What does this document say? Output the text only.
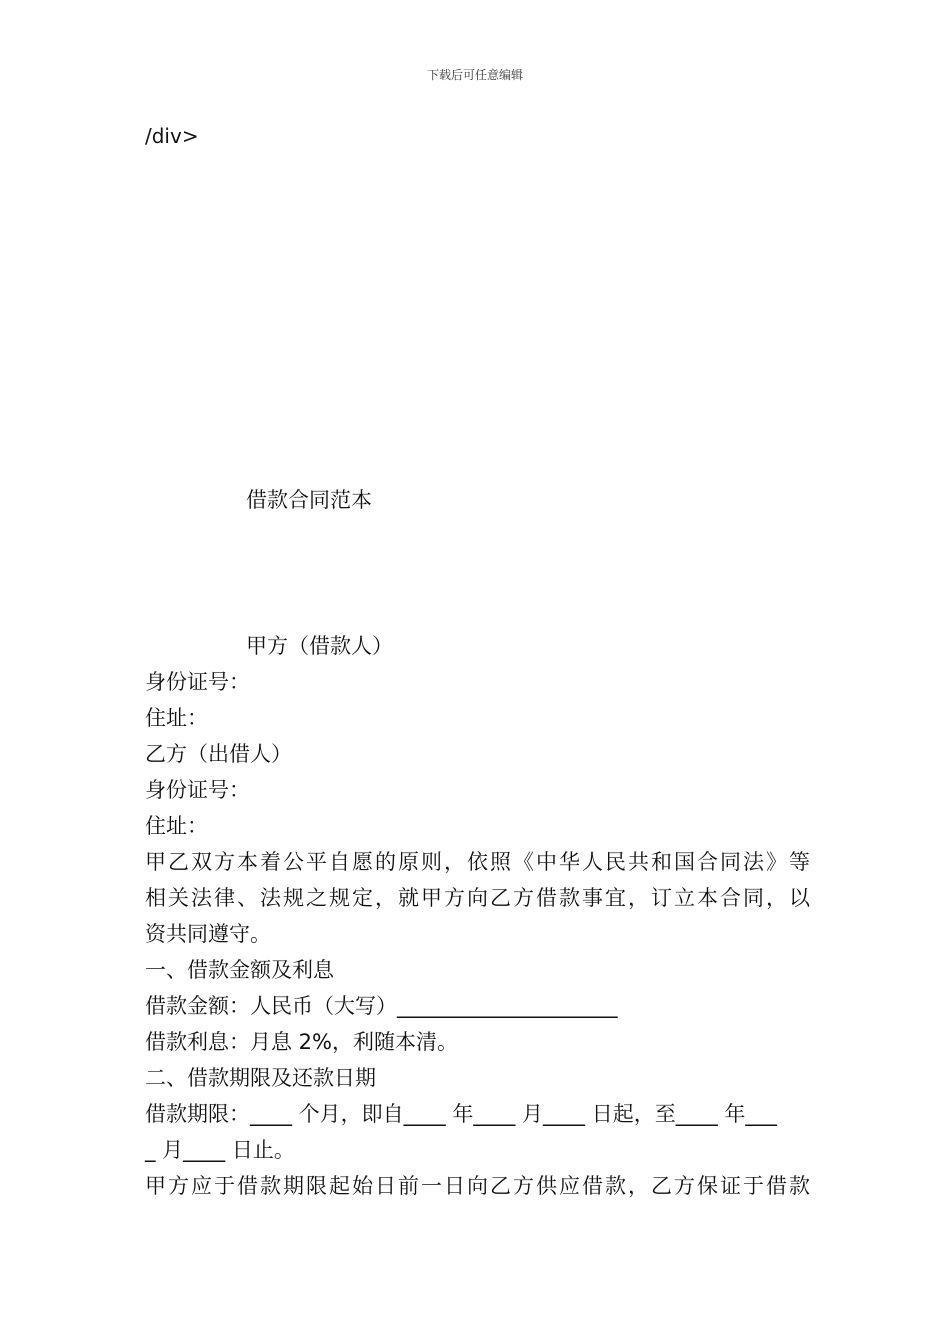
下载后可任意编辑
/div>
借款合同范本
甲方（借款人）
身份证号：
住址：
乙方（出借人）
身份证号：
住址：
甲乙双方本着公平自愿的原则，依照《中华人民共和国合同法》等
相关法律、法规之规定，就甲方向乙方借款事宜，订立本合同，以
资共同遵守。
一、借款金额及利息
借款金额：人民币（大写）_____________________
借款利息：月息 2%，利随本清。
二、借款期限及还款日期
借款期限：____ 个月，即自____ 年____ 月____ 日起，至____ 年___
_ 月____ 日止。
甲方应于借款期限起始日前一日向乙方供应借款，乙方保证于借款
